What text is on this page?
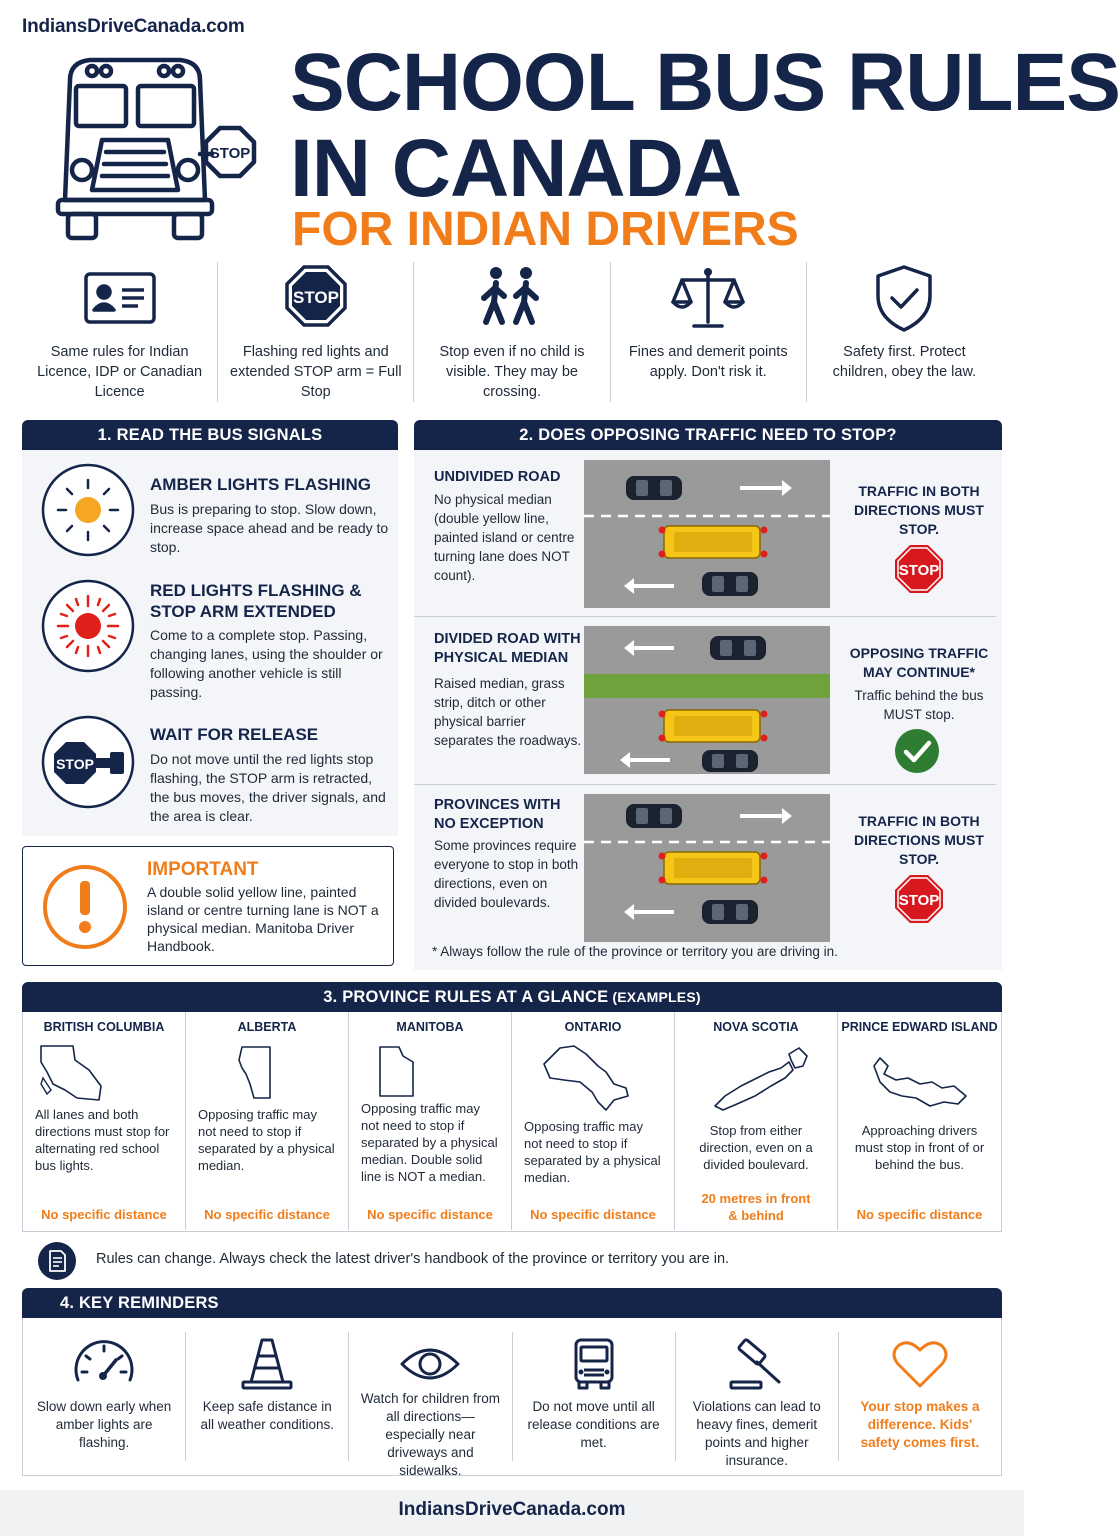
IndiansDriveCanada.com
STOP
SCHOOL BUS RULES
IN CANADA
FOR INDIAN DRIVERS
Same rules for Indian Licence, IDP or Canadian Licence
STOP
Flashing red lights and extended STOP arm = Full Stop
Stop even if no child is visible. They may be crossing.
Fines and demerit points apply. Don't risk it.
Safety first. Protect children, obey the law.
1. READ THE BUS SIGNALS
AMBER LIGHTS FLASHING
Bus is preparing to stop. Slow down, increase space ahead and be ready to stop.
RED LIGHTS FLASHING & STOP ARM EXTENDED
Come to a complete stop. Passing, changing lanes, using the shoulder or following another vehicle is still passing.
STOP
WAIT FOR RELEASE
Do not move until the red lights stop flashing, the STOP arm is retracted, the bus moves, the driver signals, and the area is clear.
IMPORTANT
A double solid yellow line, painted island or centre turning lane is NOT a physical median. Manitoba Driver Handbook.
2. DOES OPPOSING TRAFFIC NEED TO STOP?
UNDIVIDED ROAD
No physical median (double yellow line, painted island or centre turning lane does NOT count).
TRAFFIC IN BOTH DIRECTIONS MUST STOP.
STOP
DIVIDED ROAD WITH PHYSICAL MEDIAN
Raised median, grass strip, ditch or other physical barrier separates the roadways.
OPPOSING TRAFFIC MAY CONTINUE*
Traffic behind the bus MUST stop.
PROVINCES WITH NO EXCEPTION
Some provinces require everyone to stop in both directions, even on divided boulevards.
TRAFFIC IN BOTH DIRECTIONS MUST STOP.
STOP
* Always follow the rule of the province or territory you are driving in.
3. PROVINCE RULES AT A GLANCE (EXAMPLES)
BRITISH COLUMBIA
All lanes and both directions must stop for alternating red school bus lights.
No specific distance
ALBERTA
Opposing traffic may not need to stop if separated by a physical median.
No specific distance
MANITOBA
Opposing traffic may not need to stop if separated by a physical median. Double solid line is NOT a median.
No specific distance
ONTARIO
Opposing traffic may not need to stop if separated by a physical median.
No specific distance
NOVA SCOTIA
Stop from either direction, even on a divided boulevard.
20 metres in front & behind
PRINCE EDWARD ISLAND
Approaching drivers must stop in front of or behind the bus.
No specific distance
Rules can change. Always check the latest driver's handbook of the province or territory you are in.
4. KEY REMINDERS
Slow down early when amber lights are flashing.
Keep safe distance in all weather conditions.
Watch for children from all directions— especially near driveways and sidewalks.
Do not move until all release conditions are met.
Violations can lead to heavy fines, demerit points and higher insurance.
Your stop makes a difference. Kids' safety comes first.
IndiansDriveCanada.com
